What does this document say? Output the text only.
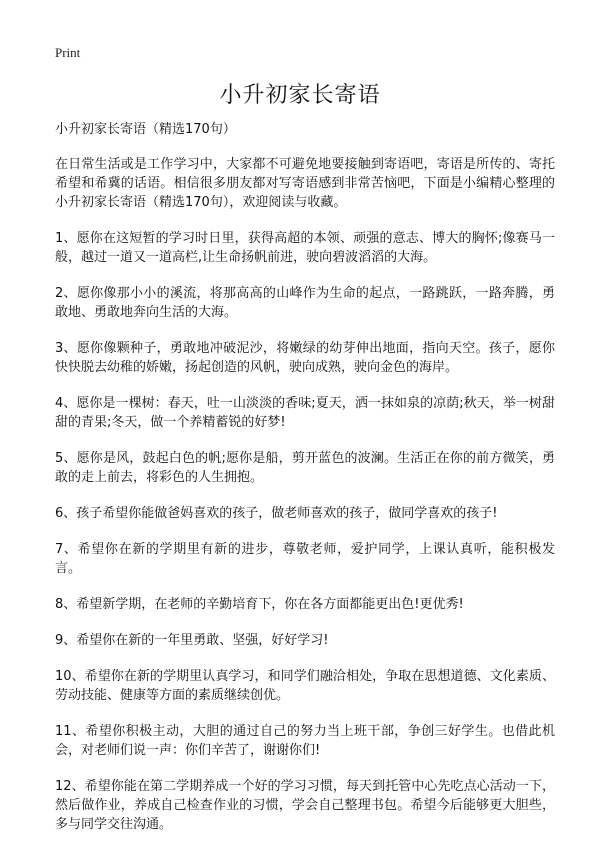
Print
小升初家长寄语

小升初家长寄语（精选170句）

在日常生活或是工作学习中，大家都不可避免地要接触到寄语吧，寄语是所传的、寄托希望和希冀的话语。相信很多朋友都对写寄语感到非常苦恼吧，下面是小编精心整理的小升初家长寄语（精选170句），欢迎阅读与收藏。

1、愿你在这短暂的学习时日里，获得高超的本领、顽强的意志、博大的胸怀;像赛马一般，越过一道又一道高栏,让生命扬帆前进，驶向碧波滔滔的大海。

2、愿你像那小小的溪流，将那高高的山峰作为生命的起点，一路跳跃，一路奔腾，勇敢地、勇敢地奔向生活的大海。

3、愿你像颗种子，勇敢地冲破泥沙，将嫩绿的幼芽伸出地面，指向天空。孩子，愿你快快脱去幼稚的娇嫩，扬起创造的风帆，驶向成熟，驶向金色的海岸。

4、愿你是一棵树：春天，吐一山淡淡的香味;夏天，洒一抹如泉的凉荫;秋天，举一树甜甜的青果;冬天，做一个养精蓄锐的好梦!

5、愿你是风，鼓起白色的帆;愿你是船，剪开蓝色的波澜。生活正在你的前方微笑，勇敢的走上前去，将彩色的人生拥抱。

6、孩子希望你能做爸妈喜欢的孩子，做老师喜欢的孩子，做同学喜欢的孩子!

7、希望你在新的学期里有新的进步，尊敬老师，爱护同学，上课认真听，能积极发言。

8、希望新学期，在老师的辛勤培育下，你在各方面都能更出色!更优秀!

9、希望你在新的一年里勇敢、坚强，好好学习!

10、希望你在新的学期里认真学习，和同学们融洽相处，争取在思想道德、文化素质、劳动技能、健康等方面的素质继续创优。

11、希望你积极主动，大胆的通过自己的努力当上班干部，争创三好学生。也借此机会，对老师们说一声：你们辛苦了，谢谢你们!

12、希望你能在第二学期养成一个好的学习习惯，每天到托管中心先吃点心活动一下，然后做作业，养成自己检查作业的习惯，学会自己整理书包。希望今后能够更大胆些，多与同学交往沟通。
